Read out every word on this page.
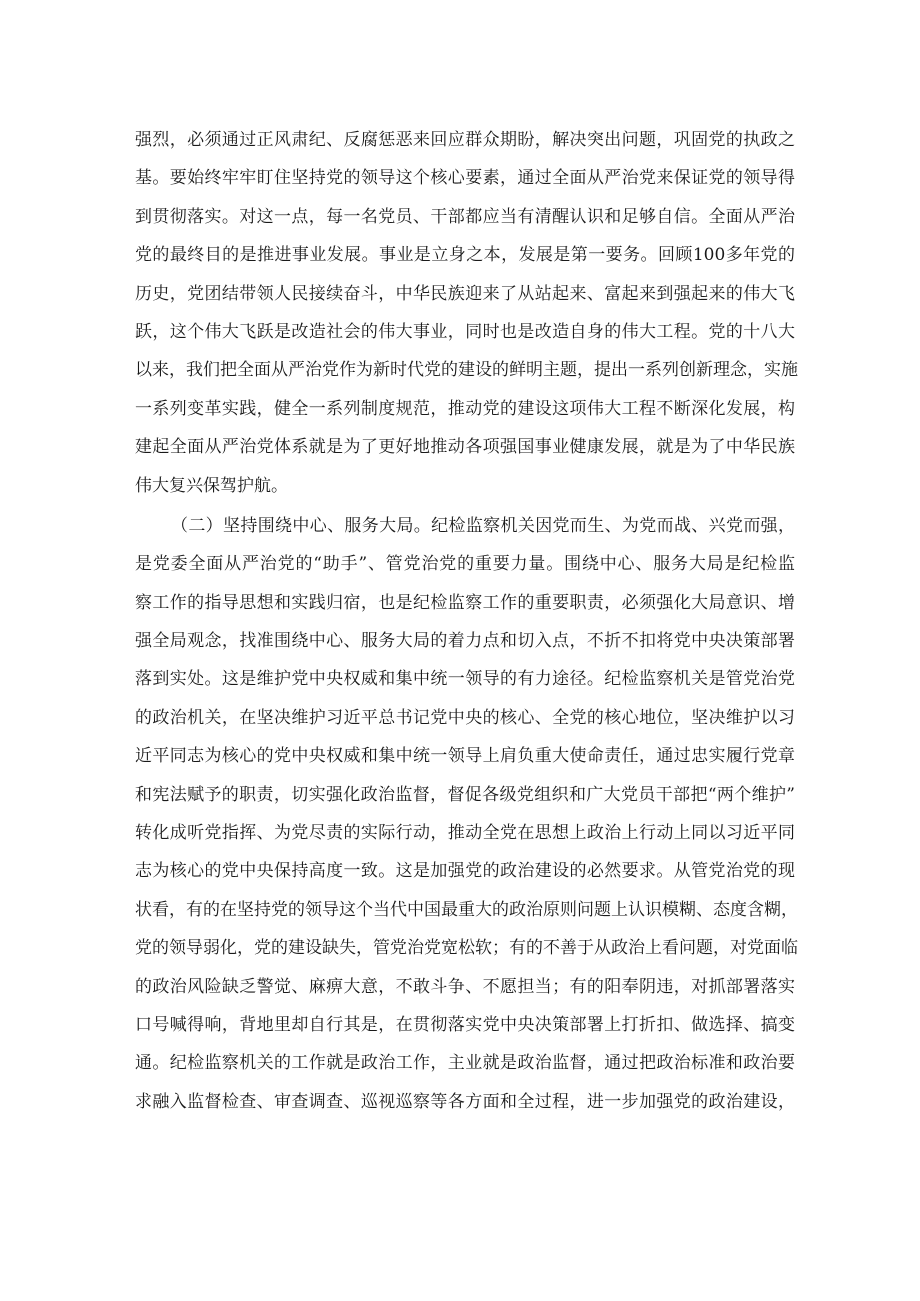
强烈，必须通过正风肃纪、反腐惩恶来回应群众期盼，解决突出问题，巩固党的执政之
基。要始终牢牢盯住坚持党的领导这个核心要素，通过全面从严治党来保证党的领导得
到贯彻落实。对这一点，每一名党员、干部都应当有清醒认识和足够自信。全面从严治
党的最终目的是推进事业发展。事业是立身之本，发展是第一要务。回顾100多年党的
历史，党团结带领人民接续奋斗，中华民族迎来了从站起来、富起来到强起来的伟大飞
跃，这个伟大飞跃是改造社会的伟大事业，同时也是改造自身的伟大工程。党的十八大
以来，我们把全面从严治党作为新时代党的建设的鲜明主题，提出一系列创新理念，实施
一系列变革实践，健全一系列制度规范，推动党的建设这项伟大工程不断深化发展，构
建起全面从严治党体系就是为了更好地推动各项强国事业健康发展，就是为了中华民族
伟大复兴保驾护航。
（二）坚持围绕中心、服务大局。纪检监察机关因党而生、为党而战、兴党而强，
是党委全面从严治党的“助手”、管党治党的重要力量。围绕中心、服务大局是纪检监
察工作的指导思想和实践归宿，也是纪检监察工作的重要职责，必须强化大局意识、增
强全局观念，找准围绕中心、服务大局的着力点和切入点，不折不扣将党中央决策部署
落到实处。这是维护党中央权威和集中统一领导的有力途径。纪检监察机关是管党治党
的政治机关，在坚决维护习近平总书记党中央的核心、全党的核心地位，坚决维护以习
近平同志为核心的党中央权威和集中统一领导上肩负重大使命责任，通过忠实履行党章
和宪法赋予的职责，切实强化政治监督，督促各级党组织和广大党员干部把“两个维护”
转化成听党指挥、为党尽责的实际行动，推动全党在思想上政治上行动上同以习近平同
志为核心的党中央保持高度一致。这是加强党的政治建设的必然要求。从管党治党的现
状看，有的在坚持党的领导这个当代中国最重大的政治原则问题上认识模糊、态度含糊，
党的领导弱化，党的建设缺失，管党治党宽松软；有的不善于从政治上看问题，对党面临
的政治风险缺乏警觉、麻痹大意，不敢斗争、不愿担当；有的阳奉阴违，对抓部署落实
口号喊得响，背地里却自行其是，在贯彻落实党中央决策部署上打折扣、做选择、搞变
通。纪检监察机关的工作就是政治工作，主业就是政治监督，通过把政治标准和政治要
求融入监督检查、审查调查、巡视巡察等各方面和全过程，进一步加强党的政治建设，
